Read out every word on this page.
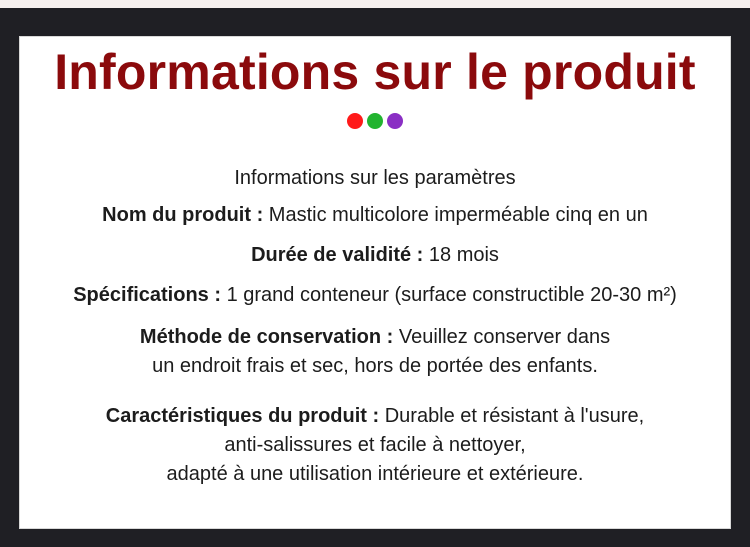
Informations sur le produit
Informations sur les paramètres
Nom du produit : Mastic multicolore imperméable cinq en un
Durée de validité : 18 mois
Spécifications : 1 grand conteneur (surface constructible 20-30 m²)
Méthode de conservation : Veuillez conserver dans
un endroit frais et sec, hors de portée des enfants.
Caractéristiques du produit : Durable et résistant à l'usure,
anti-salissures et facile à nettoyer,
adapté à une utilisation intérieure et extérieure.
